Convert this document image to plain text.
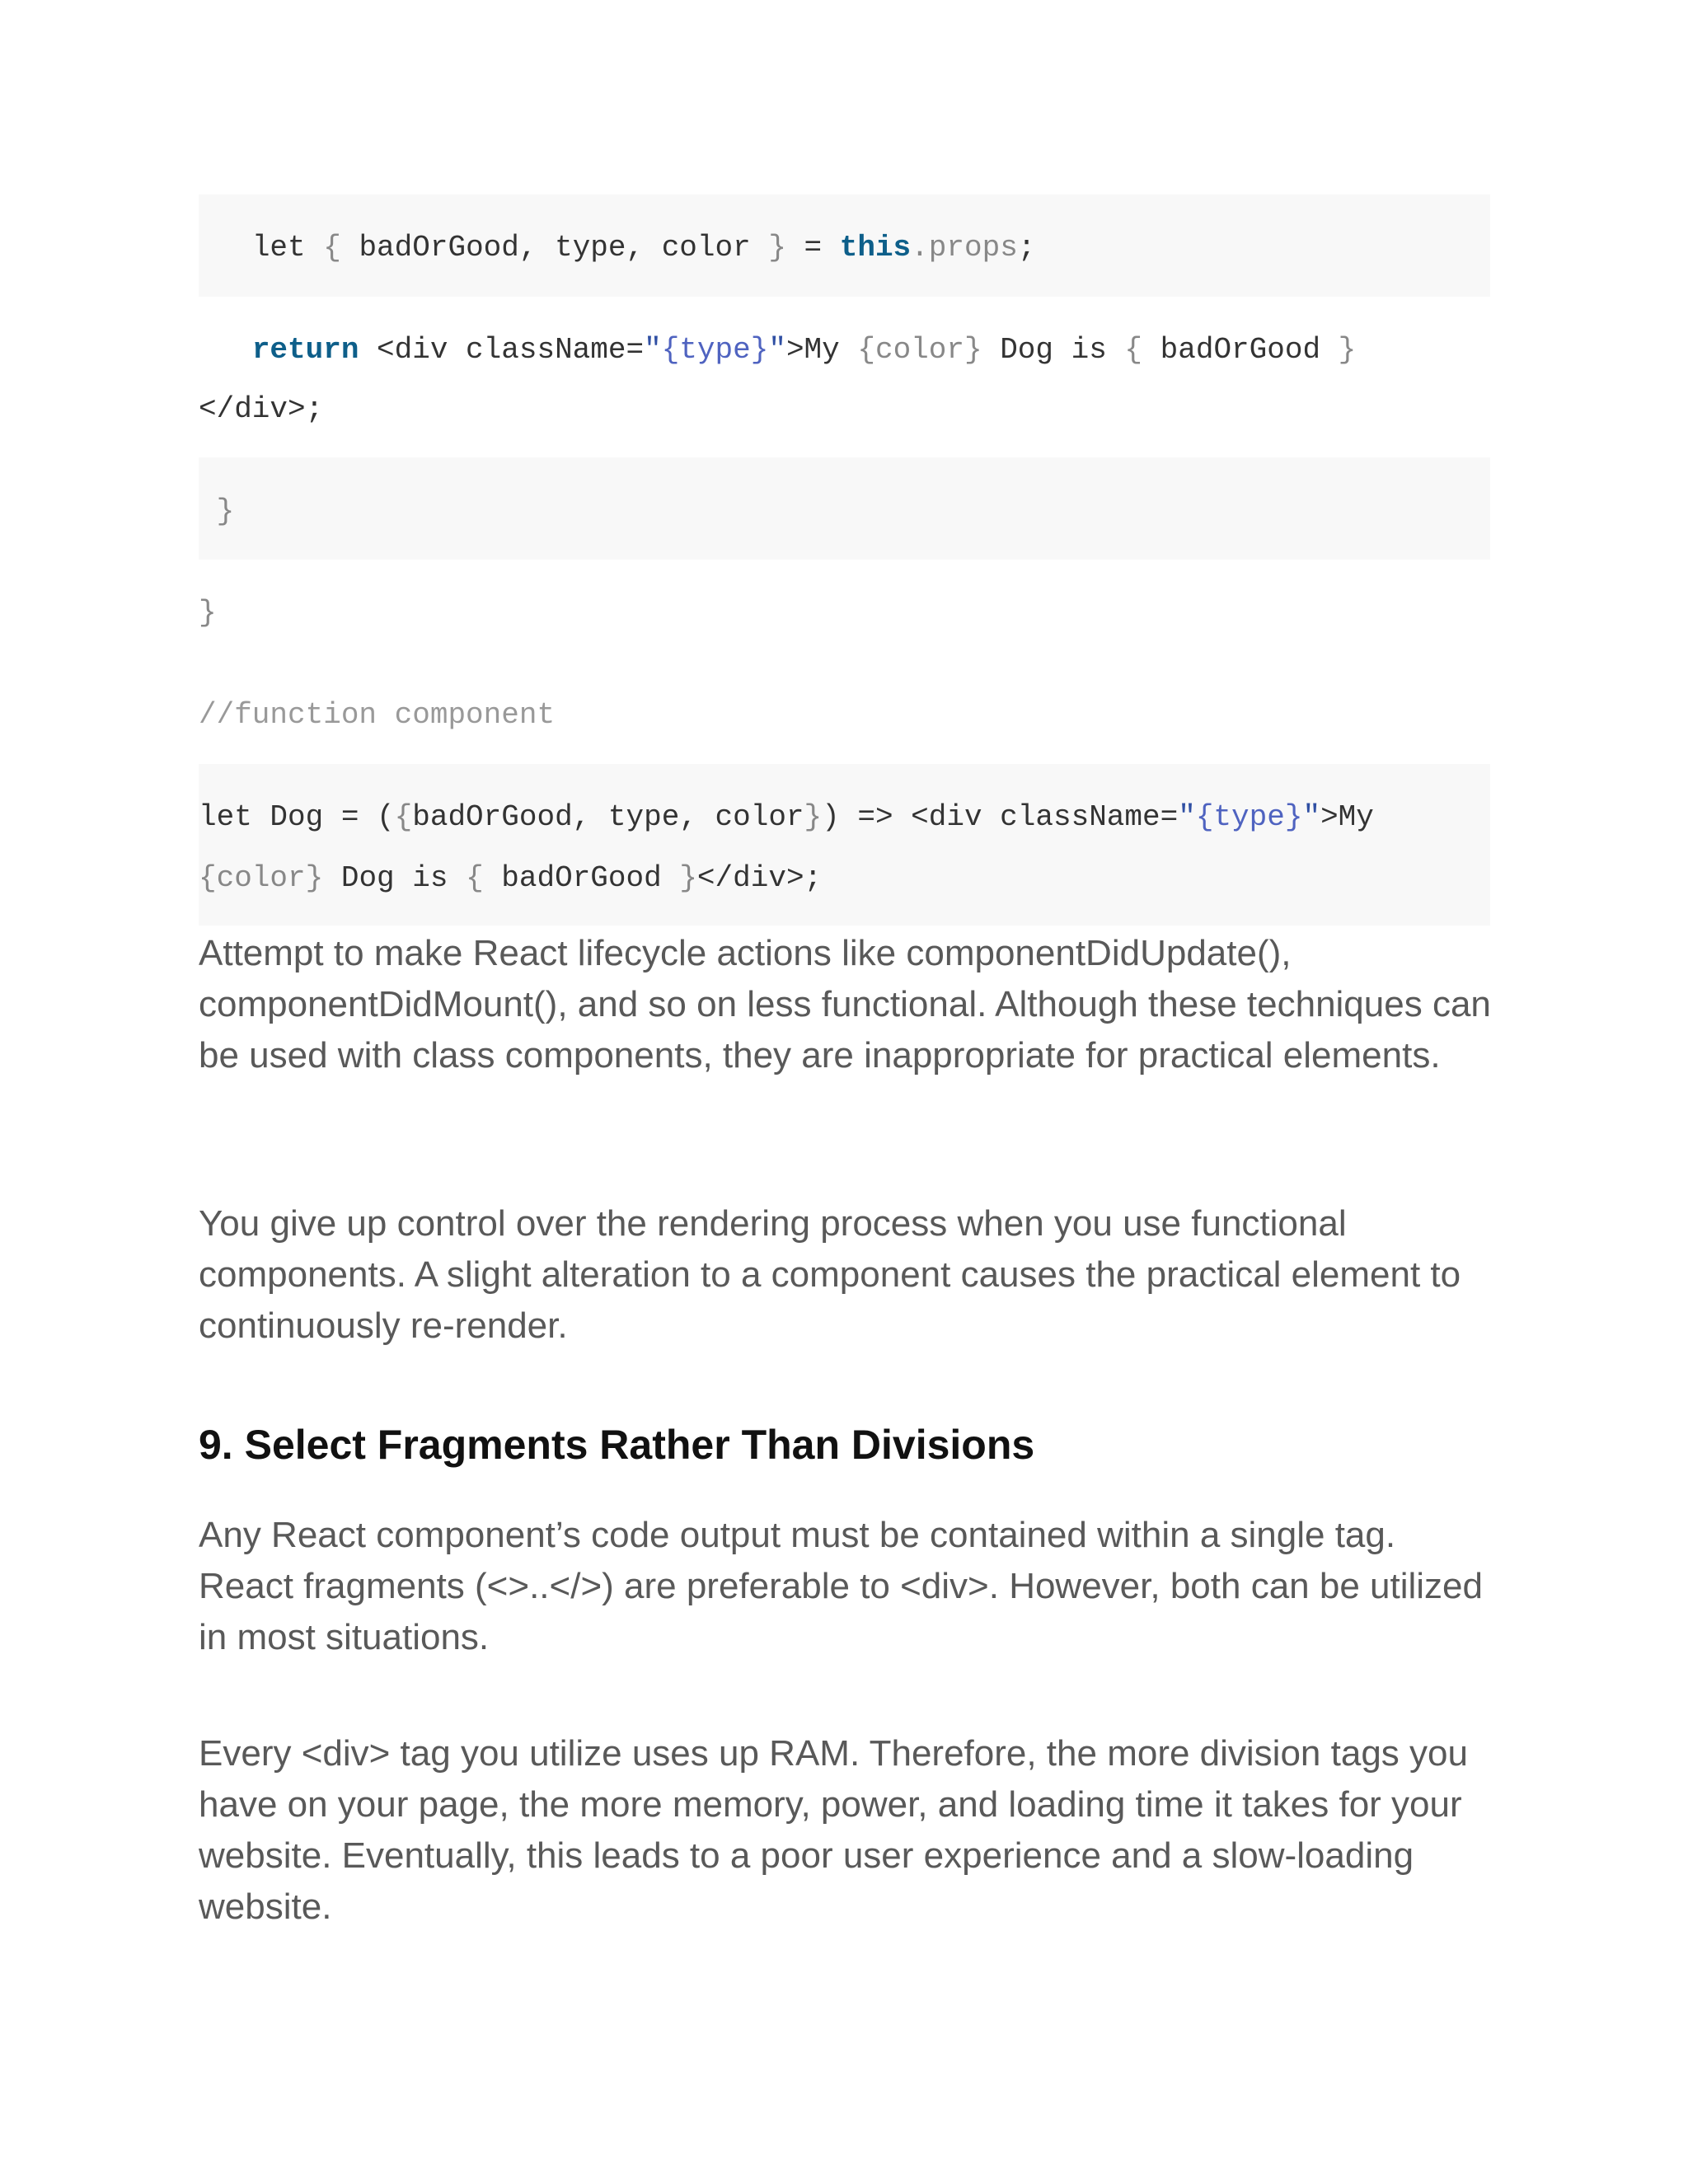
let { badOrGood, type, color } = this.props;

return <div className="{type}">My {color} Dog is { badOrGood }

</div>;

}

}

//function component

let Dog = ({badOrGood, type, color}) => <div className="{type}">My

{color} Dog is { badOrGood }</div>;

Attempt to make React lifecycle actions like componentDidUpdate(), componentDidMount(), and so on less functional. Although these techniques can be used with class components, they are inappropriate for practical elements.

You give up control over the rendering process when you use functional components. A slight alteration to a component causes the practical element to continuously re-render.

9. Select Fragments Rather Than Divisions

Any React component’s code output must be contained within a single tag. React fragments (<>..</>) are preferable to <div>. However, both can be utilized in most situations.

Every <div> tag you utilize uses up RAM. Therefore, the more division tags you have on your page, the more memory, power, and loading time it takes for your website. Eventually, this leads to a poor user experience and a slow-loading website.
